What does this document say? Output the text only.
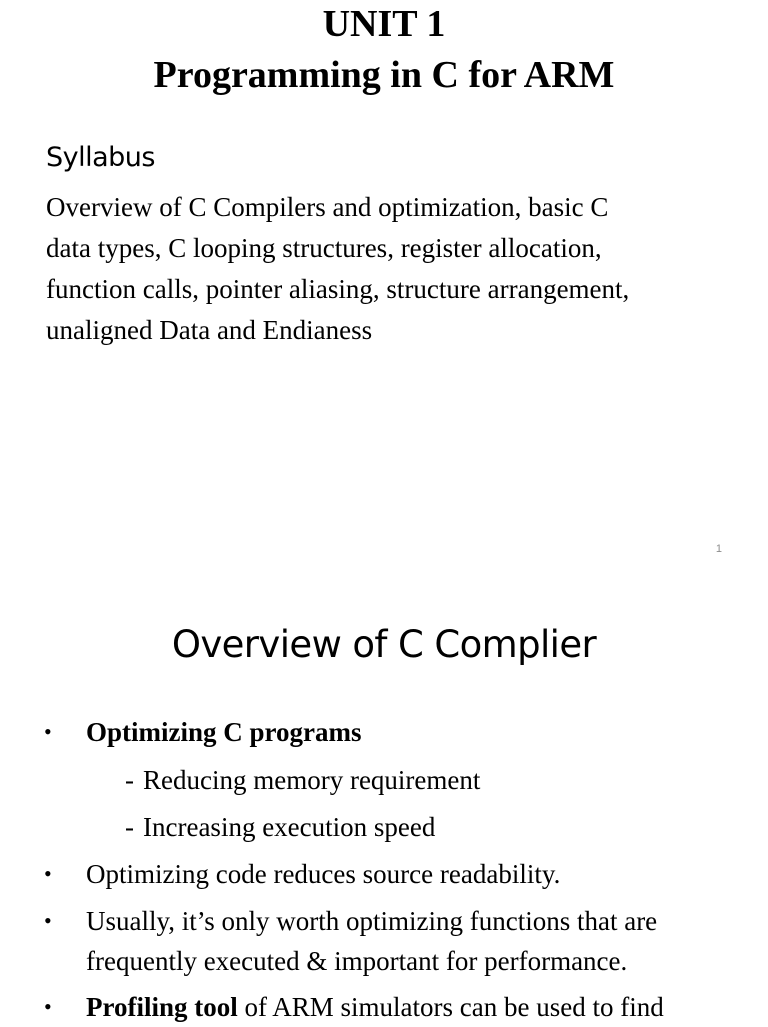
UNIT 1
Programming in C for ARM
Syllabus
Overview of C Compilers and optimization, basic C
data types, C looping structures, register allocation,
function calls, pointer aliasing, structure arrangement,
unaligned Data and Endianess
1
Overview of C Complier
• Optimizing C programs
- Reducing memory requirement
- Increasing execution speed
• Optimizing code reduces source readability.
• Usually, it’s only worth optimizing functions that are
frequently executed & important for performance.
• Profiling tool of ARM simulators can be used to find
